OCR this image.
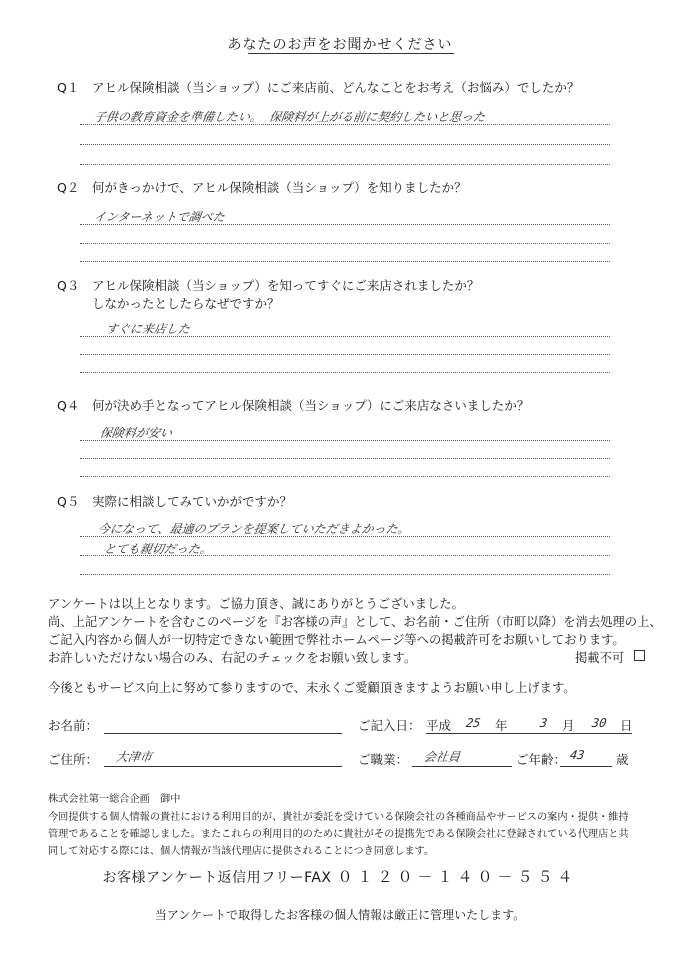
あなたのお声をお聞かせください
Q１ アヒル保険相談（当ショップ）にご来店前、どんなことをお考え（お悩み）でしたか？
子供の教育資金を準備したい。 保険料が上がる前に契約したいと思った
Q２ 何がきっかけで、アヒル保険相談（当ショップ）を知りましたか？
インターネットで調べた
Q３ アヒル保険相談（当ショップ）を知ってすぐにご来店されましたか？
しなかったとしたらなぜですか？
すぐに来店した
Q４ 何が決め手となってアヒル保険相談（当ショップ）にご来店なさいましたか？
保険料が安い
Q５ 実際に相談してみていかがですか？
今になって、最適のプランを提案していただきよかった。
とても親切だった。
アンケートは以上となります。ご協力頂き、誠にありがとうございました。
尚、上記アンケートを含むこのページを『お客様の声』として、お名前・ご住所（市町以降）を消去処理の上、
ご記入内容から個人が一切特定できない範囲で弊社ホームページ等への掲載許可をお願いしております。
お許しいただけない場合のみ、右記のチェックをお願い致します。	掲載不可
今後ともサービス向上に努めて参りますので、末永くご愛顧頂きますようお願い申し上げます。
お名前：	ご記入日： 平成 25 年	3 月 30 日
ご住所： 大津市	ご職業： 会社員	ご年齢： 43 歳
株式会社第一総合企画　御中
今回提供する個人情報の貴社における利用目的が、貴社が委託を受けている保険会社の各種商品やサービスの案内・提供・維持
管理であることを確認しました。またこれらの利用目的のために貴社がその提携先である保険会社に登録されている代理店と共
同して対応する際には、個人情報が当該代理店に提供されることにつき同意します。
お客様アンケート返信用フリーFAX ０１２０－１４０－５５４
当アンケートで取得したお客様の個人情報は厳正に管理いたします。
